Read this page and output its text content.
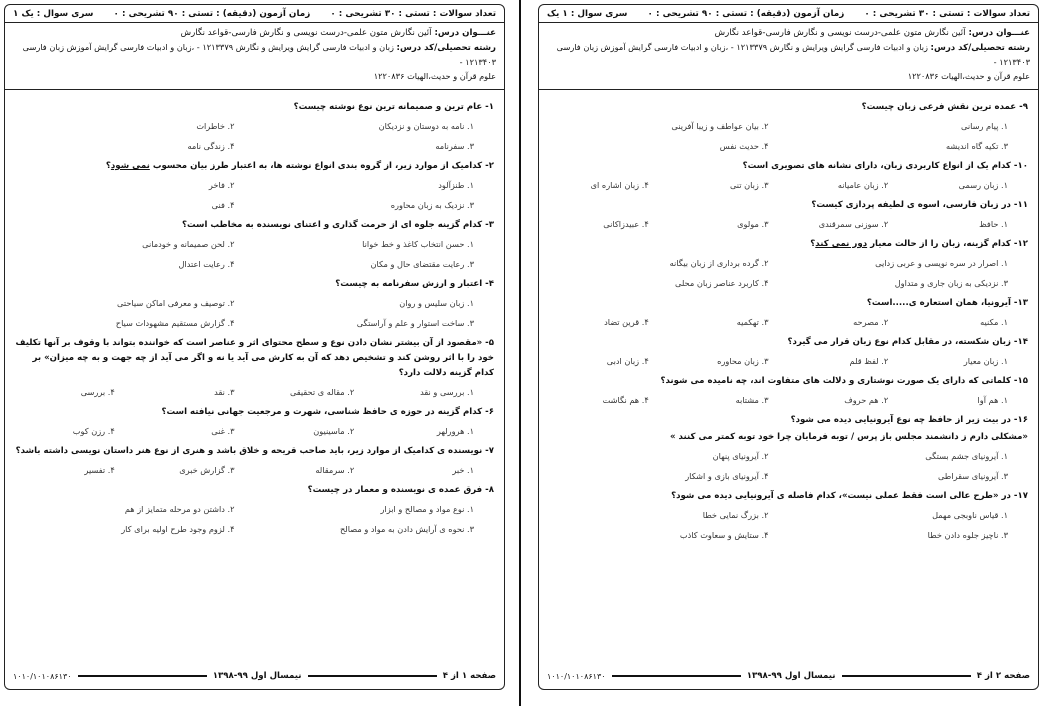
تعداد سوالات : تستی : ۳۰ تشریحی : ۰
زمان آزمون (دقیقه) : تستی : ۹۰ تشریحی : ۰
سری سوال : یک ۱
عنـــوان درس: آئین نگارش متون علمی-درست نویسی و نگارش فارسی-قواعد نگارش
رشته تحصیلی/کد درس: زبان و ادبیات فارسی گرایش ویرایش و نگارش ۱۲۱۳۳۷۹ - ،زبان و ادبیات فارسی گرایش آموزش زبان فارسی ۱۲۱۳۴۰۳ -
علوم قرآن و حدیث،الهیات ۱۲۲۰۸۳۶
۱- عام ترین و صمیمانه ترین نوع نوشته چیست؟
۱. نامه به دوستان و نزدیکان
۲. خاطرات
۳. سفرنامه
۴. زندگی نامه
۲- کدامیک از موارد زیر، از گروه بندی انواع نوشته ها، به اعتبار طرز بیان محسوب نمی شود؟
۱. طنزآلود
۲. فاخر
۳. نزدیک به زبان محاوره
۴. فنی
۳- کدام گزینه جلوه ای از حرمت گذاری و اعتنای نویسنده به مخاطب است؟
۱. حسن انتخاب کاغذ و خط خوانا
۲. لحن صمیمانه و خودمانی
۳. رعایت مقتضای حال و مکان
۴. رعایت اعتدال
۴- اعتبار و ارزش سفرنامه به چیست؟
۱. زبان سلیس و روان
۲. توصیف و معرفی اماکن سیاحتی
۳. ساخت استوار و علم و آراستگی
۴. گزارش مستقیم مشهودات سیاح
۵- «مقصود از آن بیشتر نشان دادن نوع و سطح محتوای اثر و عناصر است که خواننده بتواند با وقوف بر آنها تکلیف خود را با اثر روشن کند و تشخیص دهد که آن به کارش می آید یا نه و اگر می آید از چه جهت و به چه میزان» بر کدام گزینه دلالت دارد؟
۱. بررسی و نقد
۲. مقاله ی تحقیقی
۳. نقد
۴. بررسی
۶- کدام گزینه در حوزه ی حافظ شناسی، شهرت و مرجعیت جهانی نیافته است؟
۱. هرورلهر
۲. ماسینیون
۳. غنی
۴. رزن کوب
۷- نویسنده ی کدامیک از موارد زیر، باید صاحب قریحه و خلاق باشد و هنری از نوع هنر داستان نویسی داشته باشد؟
۱. خبر
۲. سرمقاله
۳. گزارش خبری
۴. تفسیر
۸- فرق عمده ی نویسنده و معمار در چیست؟
۱. نوع مواد و مصالح و ابزار
۲. داشتن دو مرحله متمایز از هم
۳. نحوه ی آرایش دادن به مواد و مصالح
۴. لزوم وجود طرح اولیه برای کار
صفحه ۱ از ۴
نیمسال اول ۹۹-۱۳۹۸
۱۰۱۰/۱۰۱۰۸۶۱۳۰
تعداد سوالات : تستی : ۳۰ تشریحی : ۰
زمان آزمون (دقیقه) : تستی : ۹۰ تشریحی : ۰
سری سوال : ۱ یک
عنـــوان درس: آئین نگارش متون علمی-درست نویسی و نگارش فارسی-قواعد نگارش
رشته تحصیلی/کد درس: زبان و ادبیات فارسی گرایش ویرایش و نگارش ۱۲۱۳۳۷۹ - ،زبان و ادبیات فارسی گرایش آموزش زبان فارسی ۱۲۱۳۴۰۳ -
علوم قرآن و حدیث،الهیات ۱۲۲۰۸۳۶
۹- عمده ترین نقش فرعی زبان چیست؟
۱. پیام رسانی
۲. بیان عواطف و زیبا آفرینی
۳. تکیه گاه اندیشه
۴. حدیث نفس
۱۰- کدام یک از انواع کاربردی زبان، دارای نشانه های تصویری است؟
۱. زبان رسمی
۲. زبان عامیانه
۳. زبان تنی
۴. زبان اشاره ای
۱۱- در زبان فارسی، اسوه ی لطیفه پردازی کیست؟
۱. حافظ
۲. سوزنی سمرقندی
۳. مولوی
۴. عبیدزاکانی
۱۲- کدام گزینه، زبان را از حالت معیار دور نمی کند؟
۱. اصرار در سره نویسی و عربی زدایی
۲. گرده برداری از زبان بیگانه
۳. نزدیکی به زبان جاری و متداول
۴. کاربرد عناصر زبان محلی
۱۳- آیرونیا، همان استعاره ی.....است؟
۱. مکنیه
۲. مصرحه
۳. تهکمیه
۴. قرین تضاد
۱۴- زبان شکسته، در مقابل کدام نوع زبان قرار می گیرد؟
۱. زبان معیار
۲. لفظ قلم
۳. زبان محاوره
۴. زبان ادبی
۱۵- کلماتی که دارای یک صورت نوشتاری و دلالت های متفاوت اند، چه نامیده می شوند؟
۱. هم آوا
۲. هم حروف
۳. مشتابه
۴. هم نگاشت
۱۶- در بیت زیر از حافظ چه نوع آیرونیایی دیده می شود؟
«مشکلی دارم ز دانشمند مجلس باز پرس / توبه فرمایان چرا خود توبه کمتر می کنند »
۱. آیرونیای جشم بستگی
۲. آیرونیای پنهان
۳. آیرونیای سقراطی
۴. آیرونیای بازی و اشکار
۱۷- در «طرح عالی است فقط عملی نیست»، کدام فاصله ی آیرونیایی دیده می شود؟
۱. قیاس ناوبجی مهمل
۲. بزرگ نمایی خطا
۳. ناچیز جلوه دادن خطا
۴. ستایش و سعاوت کاذب
صفحه ۲ از ۴
نیمسال اول ۹۹-۱۳۹۸
۱۰۱۰/۱۰۱۰۸۶۱۳۰
